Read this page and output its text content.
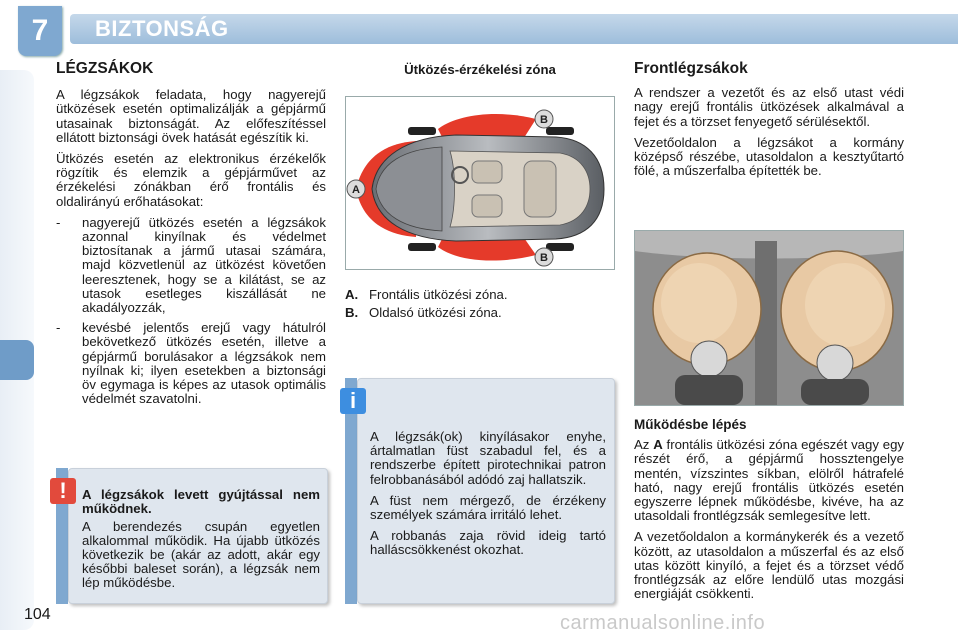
7	BIZTONSÁG
LÉGZSÁKOK

A légzsákok feladata, hogy nagyerejű ütközések esetén optimalizálják a gépjármű utasainak biztonságát. Az előfeszítéssel ellátott biztonsági övek hatását egészítik ki.

Ütközés esetén az elektronikus érzékelők rögzítik és elemzik a gépjárművet az érzékelési zónákban érő frontális és oldalirányú erőhatásokat:

-	nagyerejű ütközés esetén a légzsákok azonnal kinyílnak és védelmet biztosítanak a jármű utasai számára, majd közvetlenül az ütközést követően leeresztenek, hogy se a kilátást, se az utasok esetleges kiszállását ne akadályozzák,
-	kevésbé jelentős erejű vagy hátulról bekövetkező ütközés esetén, illetve a gépjármű borulásakor a légzsákok nem nyílnak ki; ilyen esetekben a biztonsági öv egymaga is képes az utasok optimális védelmét szavatolni.
!	A légzsákok levett gyújtással nem működnek.

A berendezés csupán egyetlen alkalommal működik. Ha újabb ütközés következik be (akár az adott, akár egy későbbi baleset során), a légzsák nem lép működésbe.

Ütközés-érzékelési zóna
A
B
B
A. Frontális ütközési zóna.
B. Oldalsó ütközési zóna.
i

A légzsák(ok) kinyílásakor enyhe, ártalmatlan füst szabadul fel, és a rendszerbe épített pirotechnikai patron felrobbanásából adódó zaj hallatszik.

A füst nem mérgező, de érzékeny személyek számára irritáló lehet.

A robbanás zaja rövid ideig tartó halláscsökkenést okozhat.

Frontlégzsákok

A rendszer a vezetőt és az első utast védi nagy erejű frontális ütközések alkalmával a fejet és a törzset fenyegető sérülésektől.

Vezetőoldalon a légzsákot a kormány középső részébe, utasoldalon a kesztyűtartó fölé, a műszerfalba építették be.

Működésbe lépés

Az A frontális ütközési zóna egészét vagy egy részét érő, a gépjármű hossztengelye mentén, vízszintes síkban, elölről hátrafelé ható, nagy erejű frontális ütközés esetén egyszerre lépnek működésbe, kivéve, ha az utasoldali frontlégzsák semlegesítve lett.

A vezetőoldalon a kormánykerék és a vezető között, az utasoldalon a műszerfal és az első utas között kinyíló, a fejet és a törzset védő frontlégzsák az előre lendülő utas mozgási energiáját csökkenti.

104	carmanualsonline.info
